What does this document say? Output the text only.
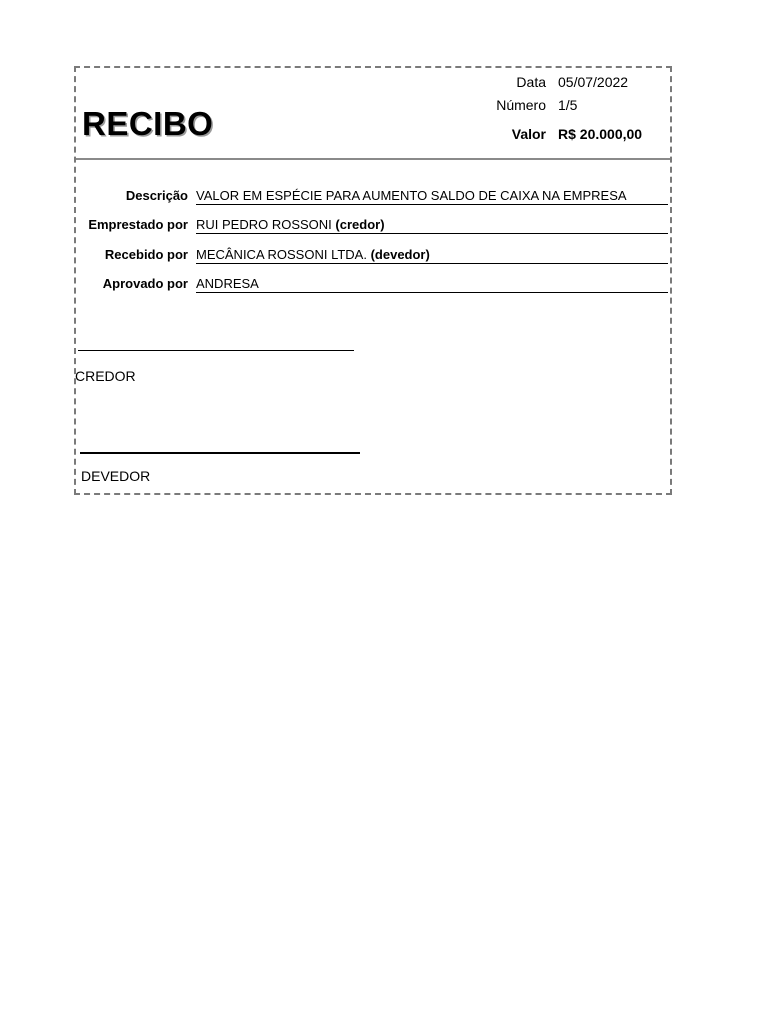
RECIBO
Data 05/07/2022
Número 1/5
Valor R$ 20.000,00
Descrição VALOR EM ESPÉCIE PARA AUMENTO SALDO DE CAIXA NA EMPRESA
Emprestado por RUI PEDRO ROSSONI (credor)
Recebido por MECÂNICA ROSSONI LTDA. (devedor)
Aprovado por ANDRESA
CREDOR
DEVEDOR
